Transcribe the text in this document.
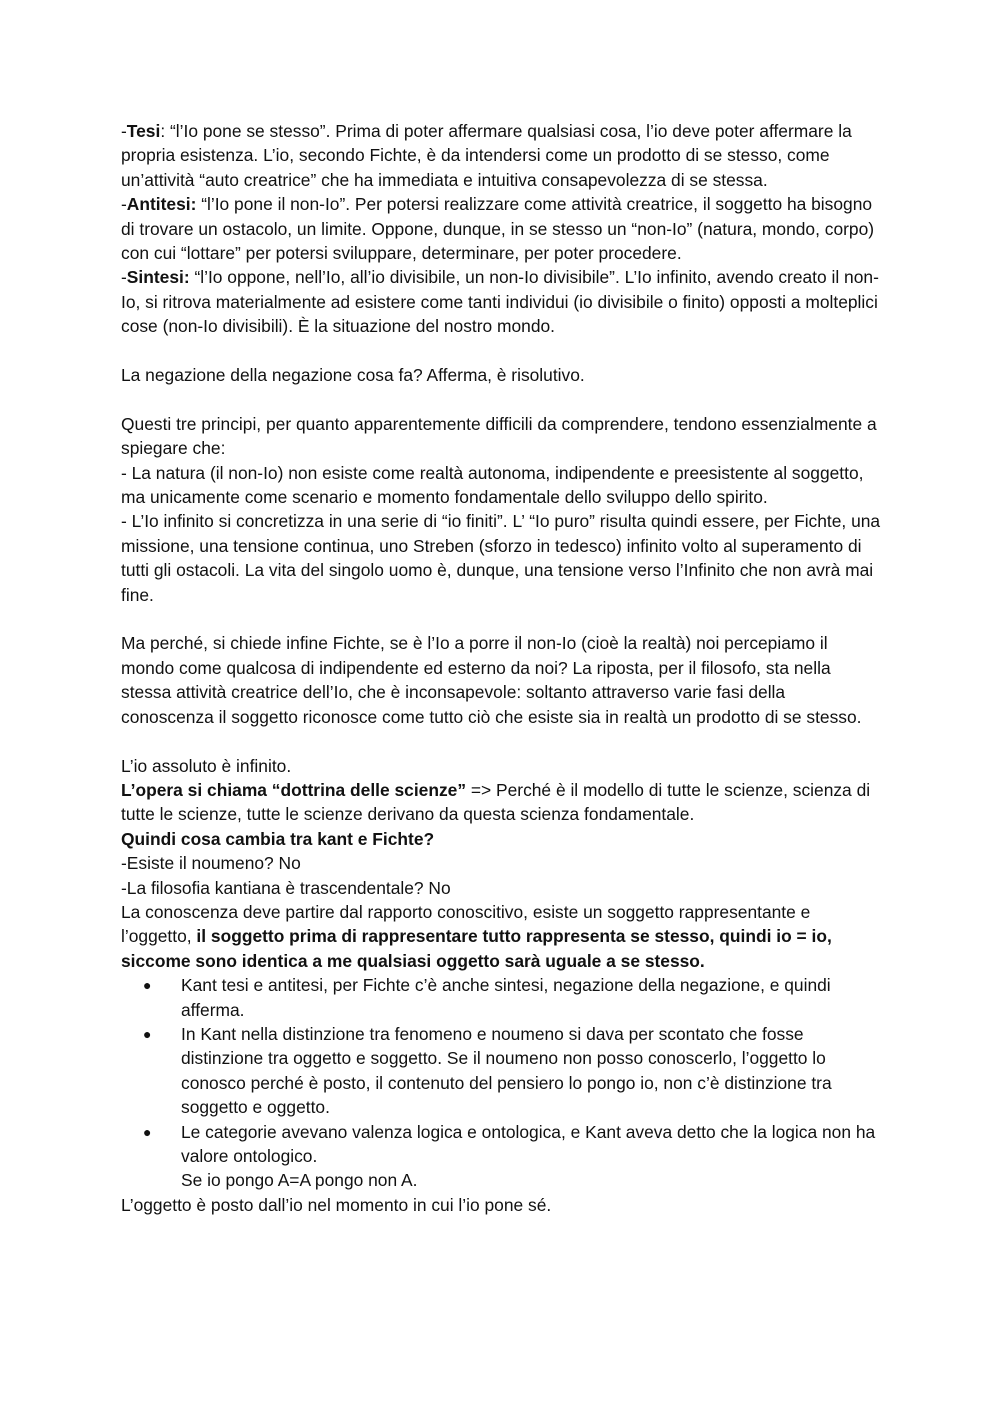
-Tesi: “l’Io pone se stesso”. Prima di poter affermare qualsiasi cosa, l’io deve poter affermare la propria esistenza. L’io, secondo Fichte, è da intendersi come un prodotto di se stesso, come un’attività “auto creatrice” che ha immediata e intuitiva consapevolezza di se stessa.

-Antitesi: “l’Io pone il non-Io”. Per potersi realizzare come attività creatrice, il soggetto ha bisogno di trovare un ostacolo, un limite. Oppone, dunque, in se stesso un “non-Io” (natura, mondo, corpo) con cui “lottare” per potersi sviluppare, determinare, per poter procedere.

-Sintesi: “l’Io oppone, nell’Io, all’io divisibile, un non-Io divisibile”. L’Io infinito, avendo creato il non-Io, si ritrova materialmente ad esistere come tanti individui (io divisibile o finito) opposti a molteplici cose (non-Io divisibili). È la situazione del nostro mondo.

La negazione della negazione cosa fa? Afferma, è risolutivo.

Questi tre principi, per quanto apparentemente difficili da comprendere, tendono essenzialmente a spiegare che:

- La natura (il non-Io) non esiste come realtà autonoma, indipendente e preesistente al soggetto, ma unicamente come scenario e momento fondamentale dello sviluppo dello spirito.

- L’Io infinito si concretizza in una serie di “io finiti”. L’ “Io puro” risulta quindi essere, per Fichte, una missione, una tensione continua, uno Streben (sforzo in tedesco) infinito volto al superamento di tutti gli ostacoli. La vita del singolo uomo è, dunque, una tensione verso l’Infinito che non avrà mai fine.

Ma perché, si chiede infine Fichte, se è l’Io a porre il non-Io (cioè la realtà) noi percepiamo il mondo come qualcosa di indipendente ed esterno da noi? La riposta, per il filosofo, sta nella stessa attività creatrice dell’Io, che è inconsapevole: soltanto attraverso varie fasi della conoscenza il soggetto riconosce come tutto ciò che esiste sia in realtà un prodotto di se stesso.

L’io assoluto è infinito.

L’opera si chiama “dottrina delle scienze” => Perché è il modello di tutte le scienze, scienza di tutte le scienze, tutte le scienze derivano da questa scienza fondamentale.

Quindi cosa cambia tra kant e Fichte?

-Esiste il noumeno? No

-La filosofia kantiana è trascendentale? No

La conoscenza deve partire dal rapporto conoscitivo, esiste un soggetto rappresentante e l’oggetto, il soggetto prima di rappresentare tutto rappresenta se stesso, quindi io = io, siccome sono identica a me qualsiasi oggetto sarà uguale a se stesso.

● Kant tesi e antitesi, per Fichte c’è anche sintesi, negazione della negazione, e quindi afferma.
● In Kant nella distinzione tra fenomeno e noumeno si dava per scontato che fosse distinzione tra oggetto e soggetto. Se il noumeno non posso conoscerlo, l’oggetto lo conosco perché è posto, il contenuto del pensiero lo pongo io, non c’è distinzione tra soggetto e oggetto.
● Le categorie avevano valenza logica e ontologica, e Kant aveva detto che la logica non ha valore ontologico.

Se io pongo A=A pongo non A.

L’oggetto è posto dall’io nel momento in cui l’io pone sé.
